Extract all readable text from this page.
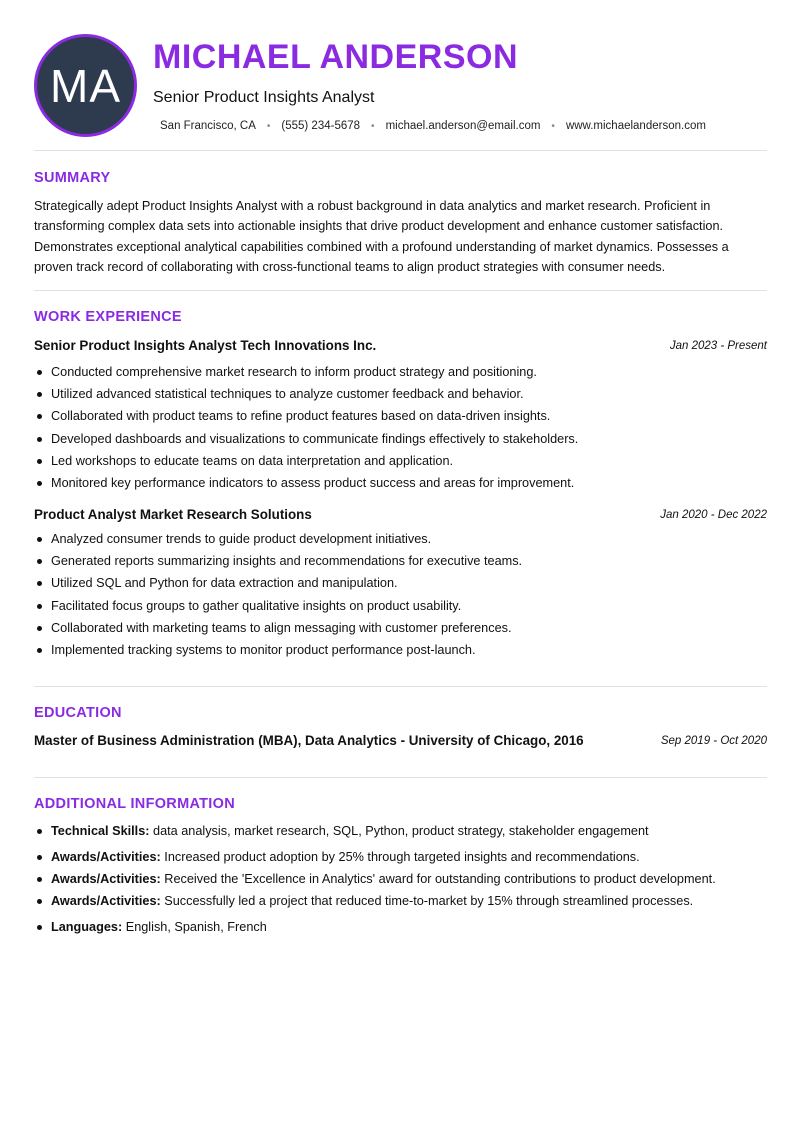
MA
MICHAEL ANDERSON
Senior Product Insights Analyst
San Francisco, CA • (555) 234-5678 • michael.anderson@email.com • www.michaelanderson.com
SUMMARY
Strategically adept Product Insights Analyst with a robust background in data analytics and market research. Proficient in transforming complex data sets into actionable insights that drive product development and enhance customer satisfaction. Demonstrates exceptional analytical capabilities combined with a profound understanding of market dynamics. Possesses a proven track record of collaborating with cross-functional teams to align product strategies with consumer needs.
WORK EXPERIENCE
Senior Product Insights Analyst Tech Innovations Inc.	Jan 2023 - Present
Conducted comprehensive market research to inform product strategy and positioning.
Utilized advanced statistical techniques to analyze customer feedback and behavior.
Collaborated with product teams to refine product features based on data-driven insights.
Developed dashboards and visualizations to communicate findings effectively to stakeholders.
Led workshops to educate teams on data interpretation and application.
Monitored key performance indicators to assess product success and areas for improvement.
Product Analyst Market Research Solutions	Jan 2020 - Dec 2022
Analyzed consumer trends to guide product development initiatives.
Generated reports summarizing insights and recommendations for executive teams.
Utilized SQL and Python for data extraction and manipulation.
Facilitated focus groups to gather qualitative insights on product usability.
Collaborated with marketing teams to align messaging with customer preferences.
Implemented tracking systems to monitor product performance post-launch.
EDUCATION
Master of Business Administration (MBA), Data Analytics - University of Chicago, 2016	Sep 2019 - Oct 2020
ADDITIONAL INFORMATION
Technical Skills: data analysis, market research, SQL, Python, product strategy, stakeholder engagement
Awards/Activities: Increased product adoption by 25% through targeted insights and recommendations.
Awards/Activities: Received the 'Excellence in Analytics' award for outstanding contributions to product development.
Awards/Activities: Successfully led a project that reduced time-to-market by 15% through streamlined processes.
Languages: English, Spanish, French
